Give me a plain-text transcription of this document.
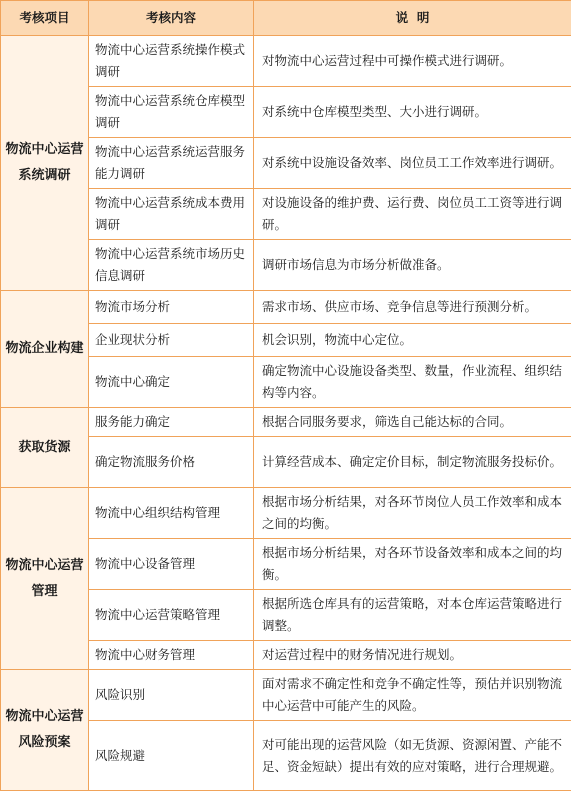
考核项目	考核内容	说  明
物流中心运营系统调研	物流中心运营系统操作模式调研	对物流中心运营过程中可操作模式进行调研。
	物流中心运营系统仓库模型调研	对系统中仓库模型类型、大小进行调研。
	物流中心运营系统运营服务能力调研	对系统中设施设备效率、岗位员工工作效率进行调研。
	物流中心运营系统成本费用调研	对设施设备的维护费、运行费、岗位员工工资等进行调研。
	物流中心运营系统市场历史信息调研	调研市场信息为市场分析做准备。
物流企业构建	物流市场分析	需求市场、供应市场、竞争信息等进行预测分析。
	企业现状分析	机会识别，物流中心定位。
	物流中心确定	确定物流中心设施设备类型、数量，作业流程、组织结构等内容。
获取货源	服务能力确定	根据合同服务要求，筛选自己能达标的合同。
	确定物流服务价格	计算经营成本、确定定价目标，制定物流服务投标价。
物流中心运营管理	物流中心组织结构管理	根据市场分析结果，对各环节岗位人员工作效率和成本之间的均衡。
	物流中心设备管理	根据市场分析结果，对各环节设备效率和成本之间的均衡。
	物流中心运营策略管理	根据所选仓库具有的运营策略，对本仓库运营策略进行调整。
	物流中心财务管理	对运营过程中的财务情况进行规划。
物流中心运营风险预案	风险识别	面对需求不确定性和竞争不确定性等，预估并识别物流中心运营中可能产生的风险。
	风险规避	对可能出现的运营风险（如无货源、资源闲置、产能不足、资金短缺）提出有效的应对策略，进行合理规避。
